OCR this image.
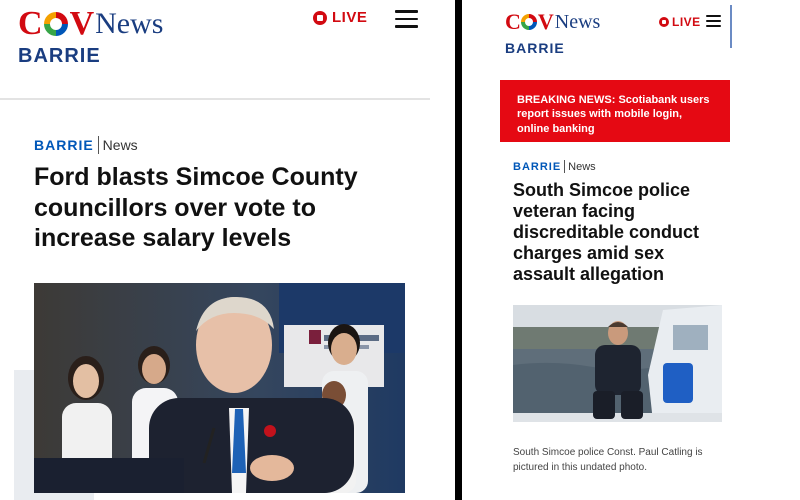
C V News	LIVE
BARRIE
BARRIE News
Ford blasts Simcoe County councillors over vote to increase salary levels
C V News	LIVE
BARRIE
BREAKING NEWS: Scotiabank users report issues with mobile login, online banking
BARRIE News
South Simcoe police veteran facing discreditable conduct charges amid sex assault allegation

South Simcoe police Const. Paul Catling is pictured in this undated photo.
